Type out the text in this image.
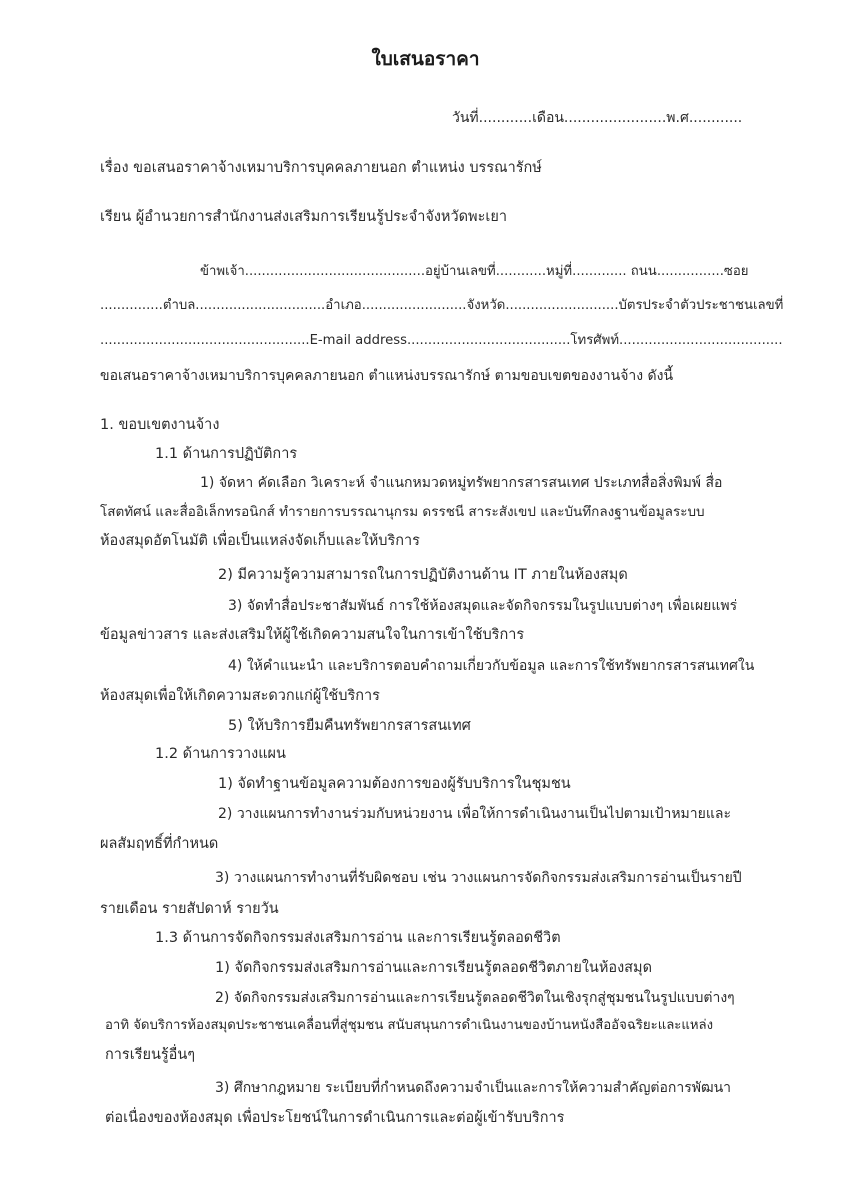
ใบเสนอราคา
วันที่............เดือน.......................พ.ศ............
เรื่อง ขอเสนอราคาจ้างเหมาบริการบุคคลภายนอก ตำแหน่ง บรรณารักษ์
เรียน ผู้อำนวยการสำนักงานส่งเสริมการเรียนรู้ประจำจังหวัดพะเยา
ข้าพเจ้า...........................................อยู่บ้านเลขที่............หมู่ที่............. ถนน................ซอย
...............ตำบล...............................อำเภอ.........................จังหวัด...........................บัตรประจำตัวประชาชนเลขที่
..................................................E-mail address.......................................โทรศัพท์.......................................
ขอเสนอราคาจ้างเหมาบริการบุคคลภายนอก ตำแหน่งบรรณารักษ์ ตามขอบเขตของงานจ้าง ดังนี้
1. ขอบเขตงานจ้าง
1.1 ด้านการปฏิบัติการ
1) จัดหา คัดเลือก วิเคราะห์ จำแนกหมวดหมู่ทรัพยากรสารสนเทศ ประเภทสื่อสิ่งพิมพ์ สื่อ
โสตทัศน์ และสื่ออิเล็กทรอนิกส์ ทำรายการบรรณานุกรม ดรรชนี สาระสังเขป และบันทึกลงฐานข้อมูลระบบ
ห้องสมุดอัตโนมัติ เพื่อเป็นแหล่งจัดเก็บและให้บริการ
2) มีความรู้ความสามารถในการปฏิบัติงานด้าน IT ภายในห้องสมุด
3) จัดทำสื่อประชาสัมพันธ์ การใช้ห้องสมุดและจัดกิจกรรมในรูปแบบต่างๆ เพื่อเผยแพร่
ข้อมูลข่าวสาร และส่งเสริมให้ผู้ใช้เกิดความสนใจในการเข้าใช้บริการ
4) ให้คำแนะนำ และบริการตอบคำถามเกี่ยวกับข้อมูล และการใช้ทรัพยากรสารสนเทศใน
ห้องสมุดเพื่อให้เกิดความสะดวกแก่ผู้ใช้บริการ
5) ให้บริการยืมคืนทรัพยากรสารสนเทศ
1.2 ด้านการวางแผน
1) จัดทำฐานข้อมูลความต้องการของผู้รับบริการในชุมชน
2) วางแผนการทำงานร่วมกับหน่วยงาน เพื่อให้การดำเนินงานเป็นไปตามเป้าหมายและ
ผลสัมฤทธิ์ที่กำหนด
3) วางแผนการทำงานที่รับผิดชอบ เช่น วางแผนการจัดกิจกรรมส่งเสริมการอ่านเป็นรายปี
รายเดือน รายสัปดาห์ รายวัน
1.3 ด้านการจัดกิจกรรมส่งเสริมการอ่าน และการเรียนรู้ตลอดชีวิต
1) จัดกิจกรรมส่งเสริมการอ่านและการเรียนรู้ตลอดชีวิตภายในห้องสมุด
2) จัดกิจกรรมส่งเสริมการอ่านและการเรียนรู้ตลอดชีวิตในเชิงรุกสู่ชุมชนในรูปแบบต่างๆ
อาทิ จัดบริการห้องสมุดประชาชนเคลื่อนที่สู่ชุมชน สนับสนุนการดำเนินงานของบ้านหนังสืออัจฉริยะและแหล่ง
การเรียนรู้อื่นๆ
3) ศึกษากฎหมาย ระเบียบที่กำหนดถึงความจำเป็นและการให้ความสำคัญต่อการพัฒนา
ต่อเนื่องของห้องสมุด เพื่อประโยชน์ในการดำเนินการและต่อผู้เข้ารับบริการ
